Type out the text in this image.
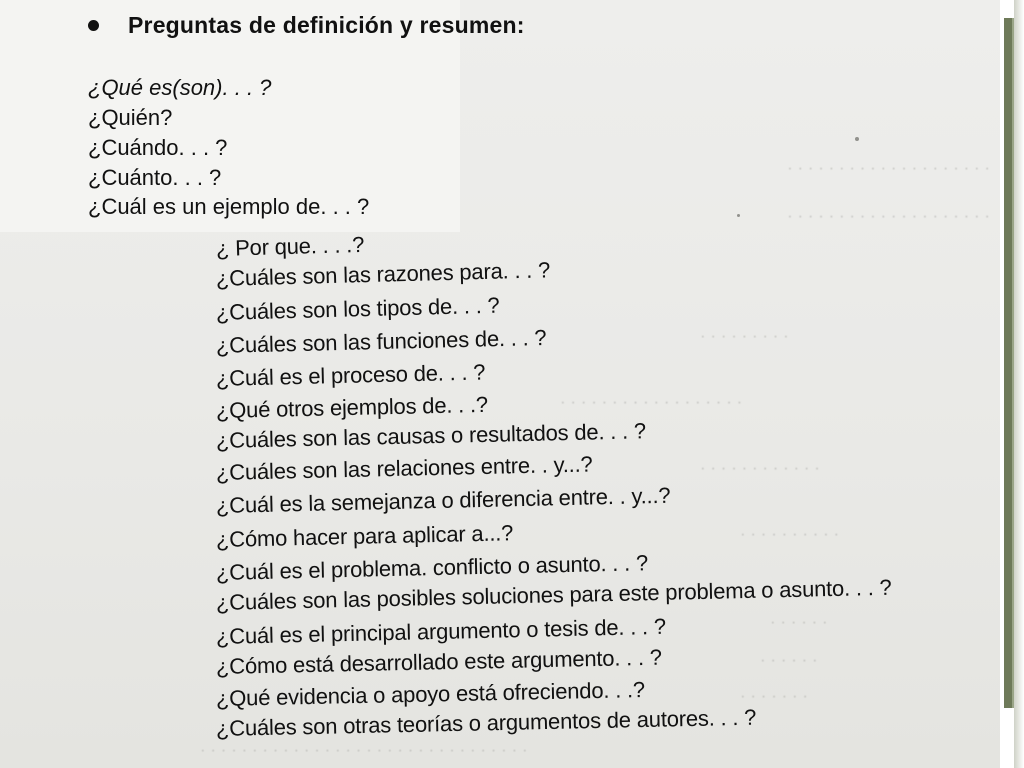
· · · · · · · · · · · · · · · · · · · ·
· · · · · · · · · · · · · · · · · · · ·
· · · · · · · · ·
· · · · · · · · · · · · · · · · · ·
· · · · · · · · · · · ·
· · · · · · · · · ·
· · · · · ·
· · · · · ·
· · · · · · ·
· · · · · · · · · · · · · · · · · · · · · · · · · · · · · · · ·
Preguntas de definición y resumen:
¿Qué es(son). . . ?
¿Quién?
¿Cuándo. . . ?
¿Cuánto. . . ?
¿Cuál es un ejemplo de. . . ?
¿ Por que. . . .?
¿Cuáles son las razones para. . . ?
¿Cuáles son los tipos de. . . ?
¿Cuáles son las funciones de. . . ?
¿Cuál es el proceso de. . . ?
¿Qué otros ejemplos de. . .?
¿Cuáles son las causas o resultados de. . . ?
¿Cuáles son las relaciones entre. . y...?
¿Cuál es la semejanza o diferencia entre. . y...?
¿Cómo hacer para aplicar a...?
¿Cuál es el problema. conflicto o asunto. . . ?
¿Cuáles son las posibles soluciones para este problema o asunto. . . ?
¿Cuál es el principal argumento o tesis de. . . ?
¿Cómo está desarrollado este argumento. . . ?
¿Qué evidencia o apoyo está ofreciendo. . .?
¿Cuáles son otras teorías o argumentos de autores. . . ?
